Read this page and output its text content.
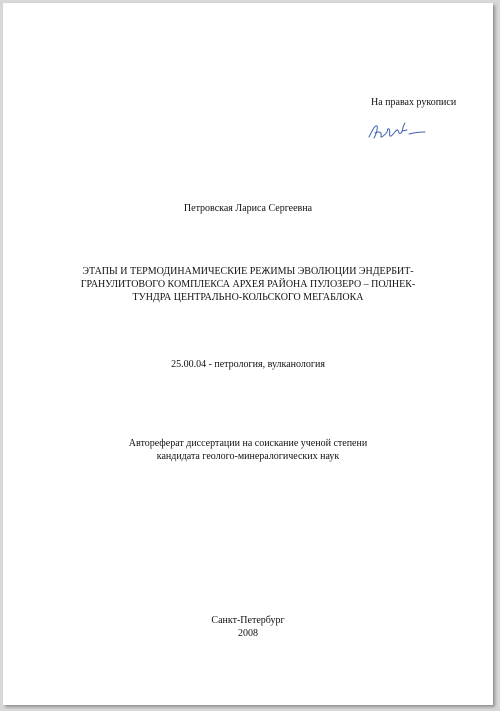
На правах рукописи
Петровская Лариса Сергеевна
ЭТАПЫ И ТЕРМОДИНАМИЧЕСКИЕ РЕЖИМЫ ЭВОЛЮЦИИ ЭНДЕРБИТ-
ГРАНУЛИТОВОГО КОМПЛЕКСА АРХЕЯ РАЙОНА ПУЛОЗЕРО – ПОЛНЕК-
ТУНДРА ЦЕНТРАЛЬНО-КОЛЬСКОГО МЕГАБЛОКА
25.00.04 - петрология, вулканология
Автореферат диссертации на соискание ученой степени
кандидата геолого-минералогических наук
Санкт-Петербург
2008
